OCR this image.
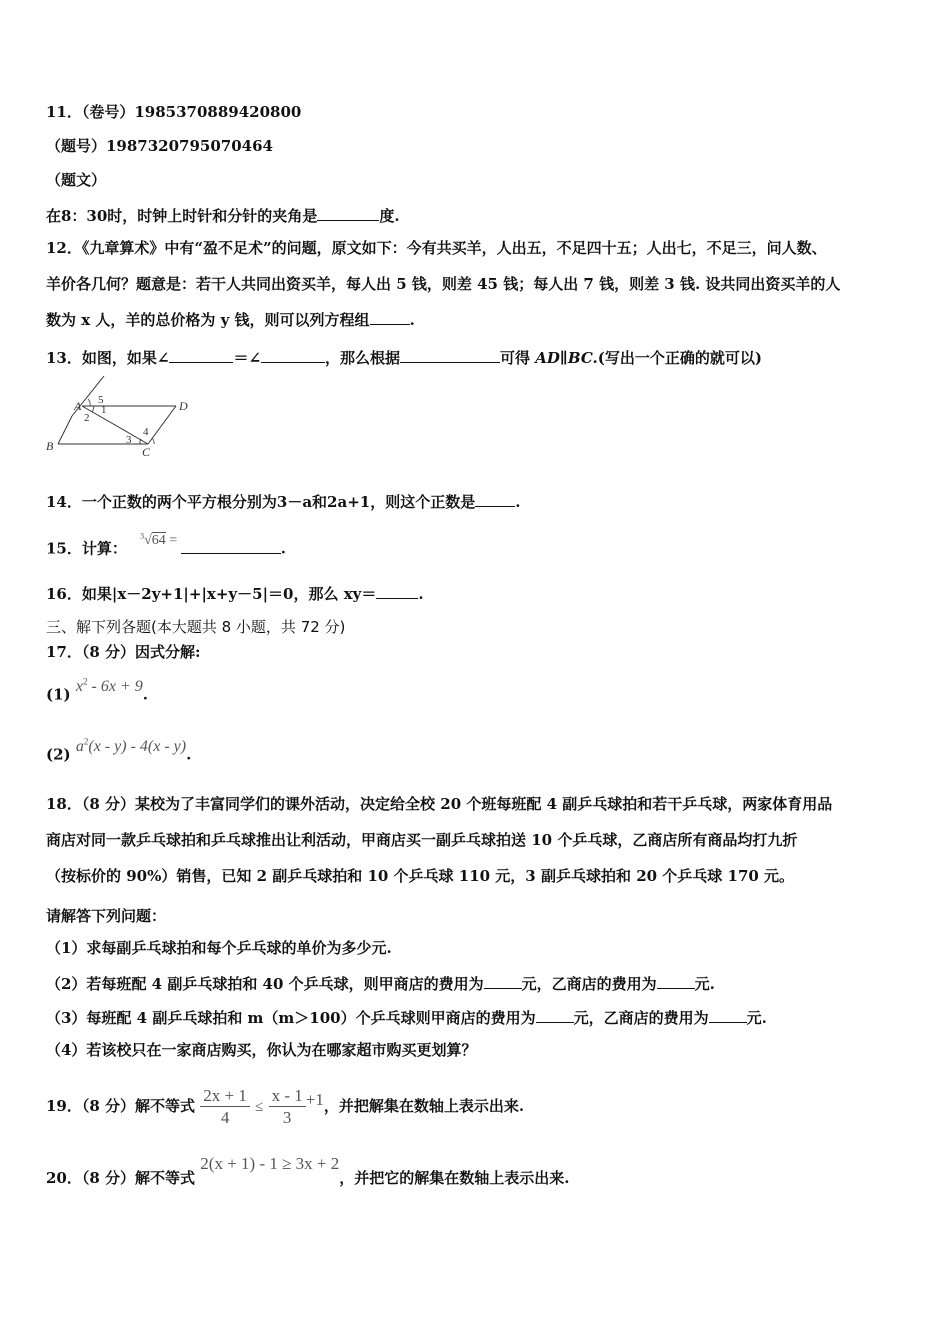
11．（卷号）1985370889420800
（题号）1987320795070464
（题文）
在8：30时，时钟上时针和分针的夹角是	度.
12．《九章算术》中有“盈不足术”的问题，原文如下：今有共买羊，人出五，不足四十五；人出七，不足三，问人数、
羊价各几何？题意是：若干人共同出资买羊，每人出 5 钱，则差 45 钱；每人出 7 钱，则差 3 钱. 设共同出资买羊的人
数为 x 人，羊的总价格为 y 钱，则可以列方程组	.
13．如图，如果∠	＝∠	，那么根据	可得 AD∥BC.(写出一个正确的就可以)
A
B	C
D
1
2
3
4
5
14．一个正数的两个平方根分别为3－a和2a+1，则这个正数是	.
15．计算： $^3$√64 =	.
16．如果|x－2y+1|+|x+y－5|＝0，那么 xy＝	.
三、解下列各题(本大题共 8 小题，共 72 分)
17．（8 分）因式分解:
(1) $x^2 - 6x + 9$.
(2) $a^2(x - y) - 4(x - y)$.
18．（8 分）某校为了丰富同学们的课外活动，决定给全校 20 个班每班配 4 副乒乓球拍和若干乒乓球，两家体育用品
商店对同一款乒乓球拍和乒乓球推出让利活动，甲商店买一副乒乓球拍送 10 个乒乓球，乙商店所有商品均打九折
（按标价的 90%）销售，已知 2 副乒乓球拍和 10 个乒乓球 110 元，3 副乒乓球拍和 20 个乒乓球 170 元。
请解答下列问题：
（1）求每副乒乓球拍和每个乒乓球的单价为多少元.
（2）若每班配 4 副乒乓球拍和 40 个乒乓球，则甲商店的费用为	元，乙商店的费用为	元.
（3）每班配 4 副乒乓球拍和 m（m＞100）个乒乓球则甲商店的费用为	元，乙商店的费用为	元.
（4）若该校只在一家商店购买，你认为在哪家超市购买更划算？
19．（8 分）解不等式 $\frac{2x + 1}{4} \le \frac{x - 1}{3} +1$，并把解集在数轴上表示出来.
20．（8 分）解不等式 2(x + 1) - 1 ≥ 3x + 2，并把它的解集在数轴上表示出来.
